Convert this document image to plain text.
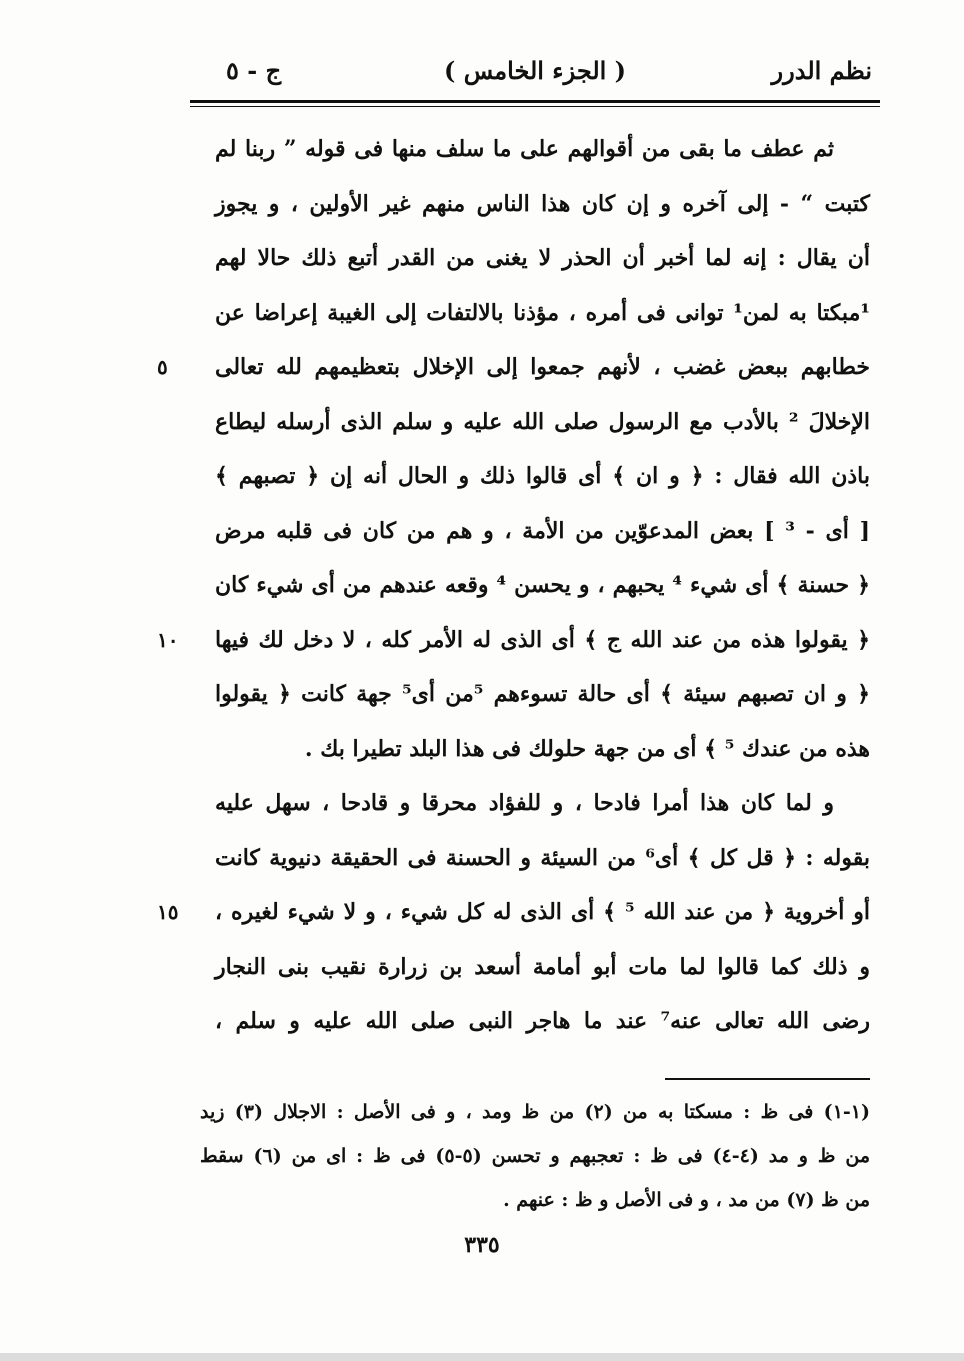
نظم الدرر
( الجزء الخامس )
ج - ٥
ثم عطف ما بقى من أقوالهم على ما سلف منها فى قوله ” ربنا لم
كتبت “ - إلى آخره و إن كان هذا الناس منهم غير الأولين ، و يجوز
أن يقال : إنه لما أخبر أن الحذر لا يغنى من القدر أتبع ذلك حالا لهم
¹مبكتا به لمن¹ توانى فى أمره ، مؤذنا بالالتفات إلى الغيبة إعراضا عن
خطابهم ببعض غضب ، لأنهم جمعوا إلى الإخلال بتعظيمهم لله تعالى
٥
الإخلالَ ² بالأدب مع الرسول صلى الله عليه و سلم الذى أرسله ليطاع
باذن الله فقال : ﴿ و ان ﴾ أى قالوا ذلك و الحال أنه إن ﴿ تصبهم ﴾
[ أى - ³ ] بعض المدعوّين من الأمة ، و هم من كان فى قلبه مرض
﴿ حسنة ﴾ أى شيء ⁴ يحبهم ، و يحسن ⁴ وقعه عندهم من أى شيء كان
﴿ يقولوا هذه من عند الله ج ﴾ أى الذى له الأمر كله ، لا دخل لك فيها
١٠
﴿ و ان تصبهم سيئة ﴾ أى حالة تسوءهم ⁵من أى⁵ جهة كانت ﴿ يقولوا
هذه من عندك ⁵ ﴾ أى من جهة حلولك فى هذا البلد تطيرا بك .
و لما كان هذا أمرا فادحا ، و للفؤاد محرقا و قادحا ، سهل عليه
بقوله : ﴿ قل كل ﴾ أى⁶ من السيئة و الحسنة فى الحقيقة دنيوية كانت
أو أخروية ﴿ من عند الله ⁵ ﴾ أى الذى له كل شيء ، و لا شيء لغيره ،
١٥
و ذلك كما قالوا لما مات أبو أمامة أسعد بن زرارة نقيب بنى النجار
رضى الله تعالى عنه⁷ عند ما هاجر النبى صلى الله عليه و سلم ،
(١-١) فى ظ : مسكتا به من (٢) من ظ ومد ، و فى الأصل : الاجلال (٣) زيد
من ظ و مد (٤-٤) فى ظ : تعجبهم و تحسن (٥-٥) فى ظ : اى من (٦) سقط
من ظ (٧) من مد ، و فى الأصل و ظ : عنهم .
٣٣٥
